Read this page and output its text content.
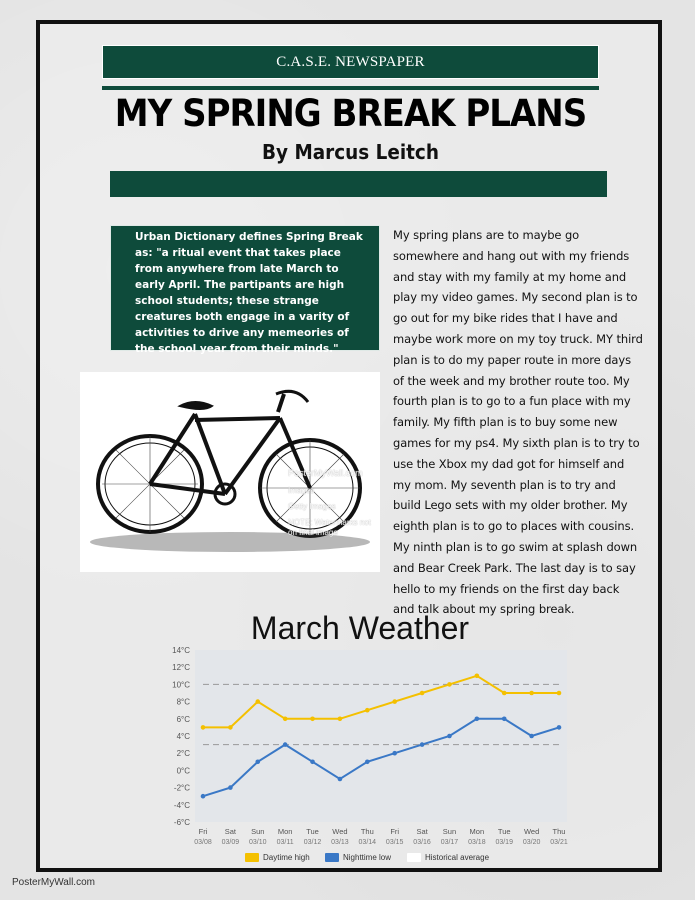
C.A.S.E. NEWSPAPER
MY SPRING BREAK PLANS
By Marcus Leitch
Urban Dictionary defines Spring Break as: "a ritual event that takes place from anywhere from late March to early April. The partipants are high school students; these strange creatures both engage in a varity of activities to drive any memeories of the school year from their minds."
My spring plans are to maybe go somewhere and hang out with my friends and stay with my family at my home and play my video games. My second plan is to go out for my bike rides that I have and maybe work more on my toy truck. MY third plan is to do my paper route in more days of the week and my brother route too. My fourth plan is to go to a fun place with my family. My fifth plan is to buy some new games for my ps4. My sixth plan is to try to use the Xbox my dad got for himself and my mom. My seventh plan is to try and build Lego sets with my older brother. My eighth plan is to go to places with cousins. My ninth plan is to go swim at splash down and Bear Creek Park. The last day is to say hello to my friends on the first day back and talk about my spring break.
PosterMyWall.com
Images
Getty Images
NOTE: Watermarks not on final image
March Weather
14°C
12°C
10°C
8°C
6°C
4°C
2°C
0°C
-2°C
-4°C
-6°C
Fri
03/08
Sat
03/09
Sun
03/10
Mon
03/11
Tue
03/12
Wed
03/13
Thu
03/14
Fri
03/15
Sat
03/16
Sun
03/17
Mon
03/18
Tue
03/19
Wed
03/20
Thu
03/21
Daytime high	Nighttime low	Historical average
PosterMyWall.com
